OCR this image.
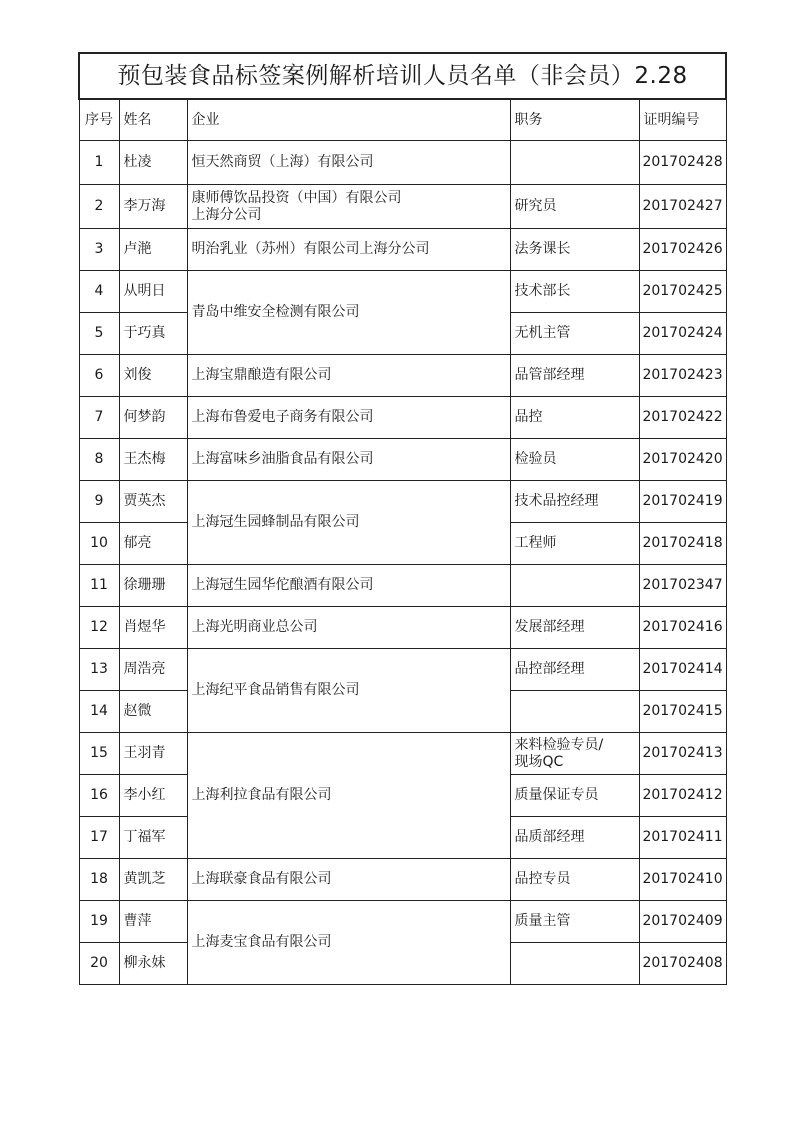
预包装食品标签案例解析培训人员名单（非会员）2.28				
序号	姓名	企业	职务	证明编号
1	杜凌	恒天然商贸（上海）有限公司		201702428
2	李万海	康师傅饮品投资（中国）有限公司
上海分公司	研究员	201702427
3	卢滟	明治乳业（苏州）有限公司上海分公司	法务课长	201702426
4	从明日	青岛中维安全检测有限公司	技术部长	201702425
5	于巧真		无机主管	201702424
6	刘俊	上海宝鼎酿造有限公司	品管部经理	201702423
7	何梦韵	上海布鲁爱电子商务有限公司	品控	201702422
8	王杰梅	上海富味乡油脂食品有限公司	检验员	201702420
9	贾英杰	上海冠生园蜂制品有限公司	技术品控经理	201702419
10	郁亮		工程师	201702418
11	徐珊珊	上海冠生园华佗酿酒有限公司		201702347
12	肖煜华	上海光明商业总公司	发展部经理	201702416
13	周浩亮	上海纪平食品销售有限公司	品控部经理	201702414
14	赵微			201702415
15	王羽青	上海利拉食品有限公司	来料检验专员/
现场QC	201702413
16	李小红		质量保证专员	201702412
17	丁福军		品质部经理	201702411
18	黄凯芝	上海联豪食品有限公司	品控专员	201702410
19	曹萍	上海麦宝食品有限公司	质量主管	201702409
20	柳永妹			201702408
